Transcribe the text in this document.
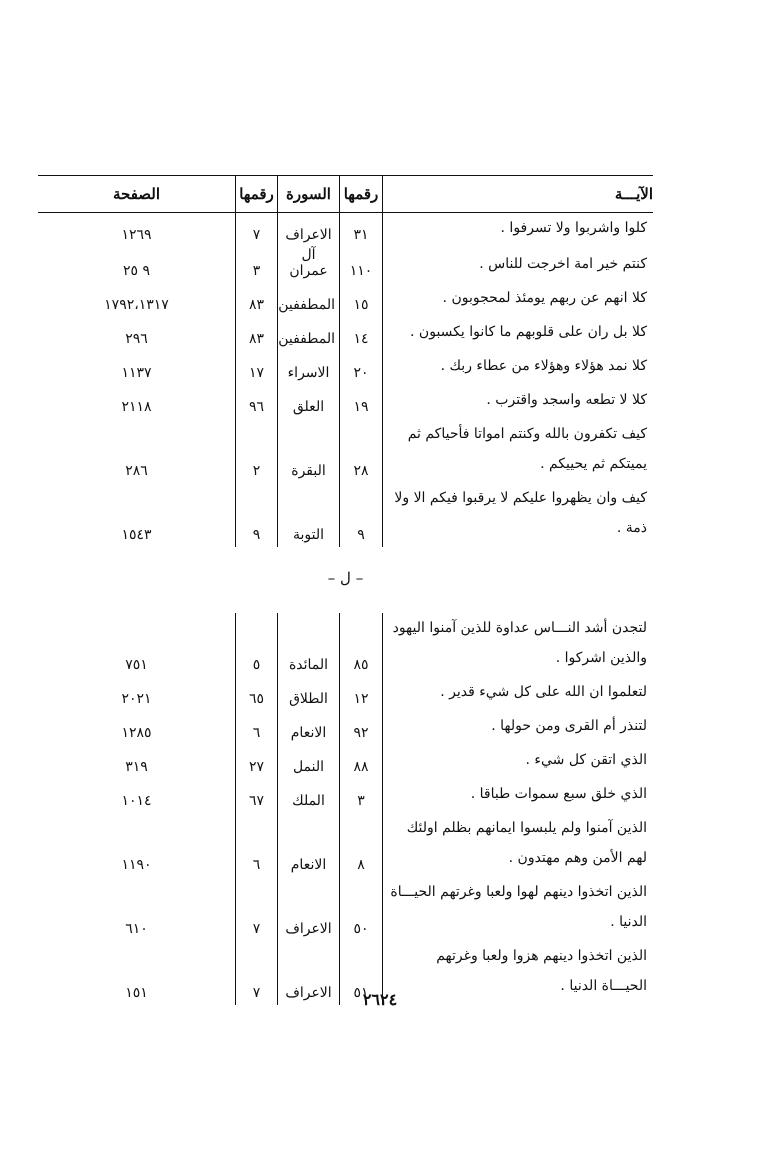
الآيـــة	رقمها	السورة	رقمها	الصفحة
كلوا واشربوا ولا تسرفوا .	٣١	الاعراف	٧	١٢٦٩
كنتم خير امة اخرجت للناس .	١١٠	آل عمران	٣	٩ ٢٥
كلا انهم عن ربهم يومئذ لمحجوبون .	١٥	المطففين	٨٣	١٧٩٢،١٣١٧
كلا بل ران على قلوبهم ما كانوا يكسبون .	١٤	المطففين	٨٣	٢٩٦
كلا نمد هؤلاء وهؤلاء من عطاء ربك .	٢٠	الاسراء	١٧	١١٣٧
كلا لا تطعه واسجد واقترب .	١٩	العلق	٩٦	٢١١٨
كيف تكفرون بالله وكنتم امواتا فأحياكم ثم يميتكم ثم يحييكم .	٢٨	البقرة	٢	٢٨٦
كيف وان يظهروا عليكم لا يرقبوا فيكم الا ولا ذمة .	٩	التوبة	٩	١٥٤٣
– ل –				
لتجدن أشد النـــاس عداوة للذين آمنوا اليهود والذين اشركوا .	٨٥	المائدة	٥	٧٥١
لتعلموا ان الله على كل شيء قدير .	١٢	الطلاق	٦٥	٢٠٢١
لتنذر أم القرى ومن حولها .	٩٢	الانعام	٦	١٢٨٥
الذي اتقن كل شيء .	٨٨	النمل	٢٧	٣١٩
الذي خلق سبع سموات طباقا .	٣	الملك	٦٧	١٠١٤
الذين آمنوا ولم يلبسوا ايمانهم بظلم اولئك لهم الأمن وهم مهتدون .	٨	الانعام	٦	١١٩٠
الذين اتخذوا دينهم لهوا ولعبا وغرتهم الحيـــاة الدنيا .	٥٠	الاعراف	٧	٦١٠
الذين اتخذوا دينهم هزوا ولعبا وغرتهم الحيـــاة الدنيا .	٥١	الاعراف	٧	١٥١	٢٦٢٤
